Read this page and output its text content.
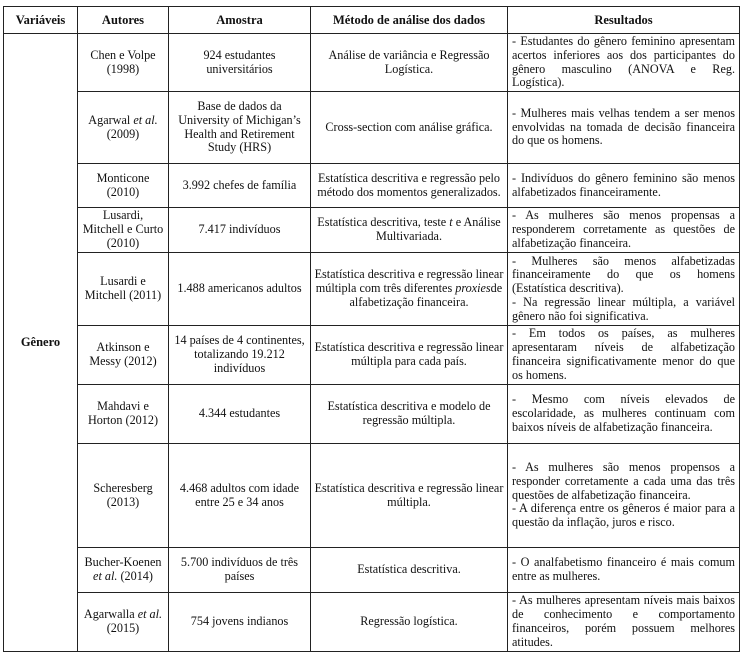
Variáveis	Autores	Amostra	Método de análise dos dados	Resultados
Gênero	Chen e Volpe (1998)	924 estudantes universitários	Análise de variância e Regressão Logística.	- Estudantes do gênero feminino apresentam acertos inferiores aos dos participantes do gênero masculino (ANOVA e Reg. Logística).

	Agarwal et al. (2009)	Base de dados da University of Michigan’s Health and Retirement Study (HRS)	Cross-section com análise gráfica.	- Mulheres mais velhas tendem a ser menos envolvidas na tomada de decisão financeira do que os homens.

	Monticone (2010)	3.992 chefes de família	Estatística descritiva e regressão pelo método dos momentos generalizados.	- Indivíduos do gênero feminino são menos alfabetizados financeiramente.

	Lusardi, Mitchell e Curto (2010)	7.417 indivíduos	Estatística descritiva, teste t e Análise Multivariada.	- As mulheres são menos propensas a responderem corretamente as questões de alfabetização financeira.

	Lusardi e Mitchell (2011)	1.488 americanos adultos	Estatística descritiva e regressão linear múltipla com três diferentes proxiesde alfabetização financeira.	- Mulheres são menos alfabetizadas financeiramente do que os homens (Estatística descritiva).
- Na regressão linear múltipla, a variável gênero não foi significativa.

	Atkinson e Messy (2012)	14 países de 4 continentes, totalizando 19.212 indivíduos	Estatística descritiva e regressão linear múltipla para cada país.	- Em todos os países, as mulheres apresentaram níveis de alfabetização financeira significativamente menor do que os homens.

	Mahdavi e Horton (2012)	4.344 estudantes	Estatística descritiva e modelo de regressão múltipla.	- Mesmo com níveis elevados de escolaridade, as mulheres continuam com baixos níveis de alfabetização financeira.

	Scheresberg (2013)	4.468 adultos com idade entre 25 e 34 anos	Estatística descritiva e regressão linear múltipla.	- As mulheres são menos propensos a responder corretamente a cada uma das três questões de alfabetização financeira.
- A diferença entre os gêneros é maior para a questão da inflação, juros e risco.

	Bucher-Koenen et al. (2014)	5.700 indivíduos de três países	Estatística descritiva.	- O analfabetismo financeiro é mais comum entre as mulheres.

	Agarwalla et al. (2015)	754 jovens indianos	Regressão logística.	- As mulheres apresentam níveis mais baixos de conhecimento e comportamento financeiros, porém possuem melhores atitudes.
